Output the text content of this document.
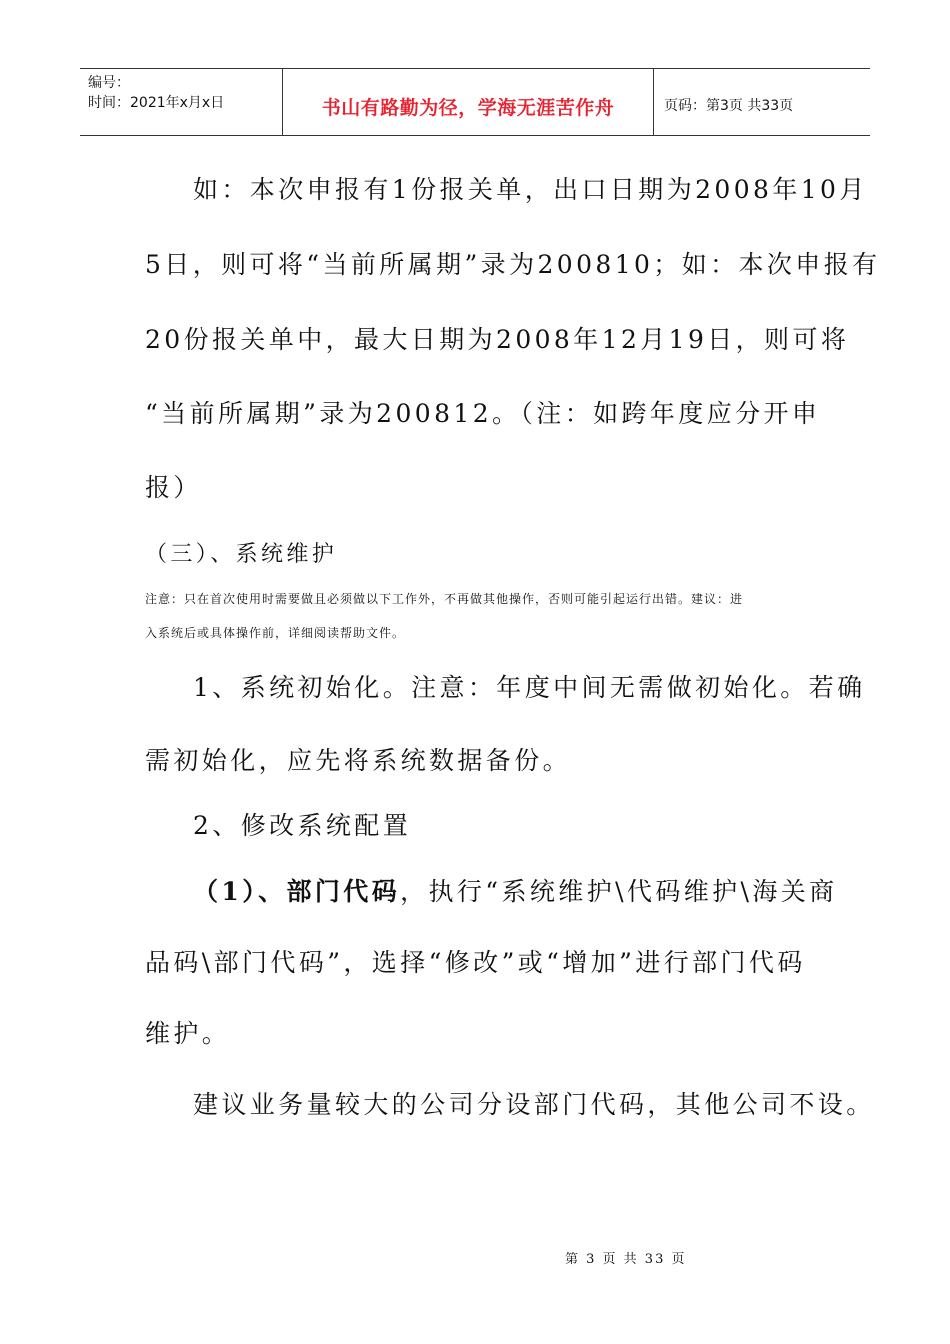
编号：
时间：2021年x月x日	书山有路勤为径，学海无涯苦作舟	页码：第3页 共33页
如：本次申报有1份报关单，出口日期为2008年10月
5日，则可将“当前所属期”录为200810；如：本次申报有
20份报关单中，最大日期为2008年12月19日，则可将
“当前所属期”录为200812。（注：如跨年度应分开申
报）
（三）、系统维护
注意：只在首次使用时需要做且必须做以下工作外，不再做其他操作，否则可能引起运行出错。建议：进
入系统后或具体操作前，详细阅读帮助文件。
1、系统初始化。注意：年度中间无需做初始化。若确
需初始化，应先将系统数据备份。
2、修改系统配置
（1）、部门代码，执行“系统维护\代码维护\海关商
品码\部门代码”，选择“修改”或“增加”进行部门代码
维护。
建议业务量较大的公司分设部门代码，其他公司不设。
第 3 页 共 33 页
